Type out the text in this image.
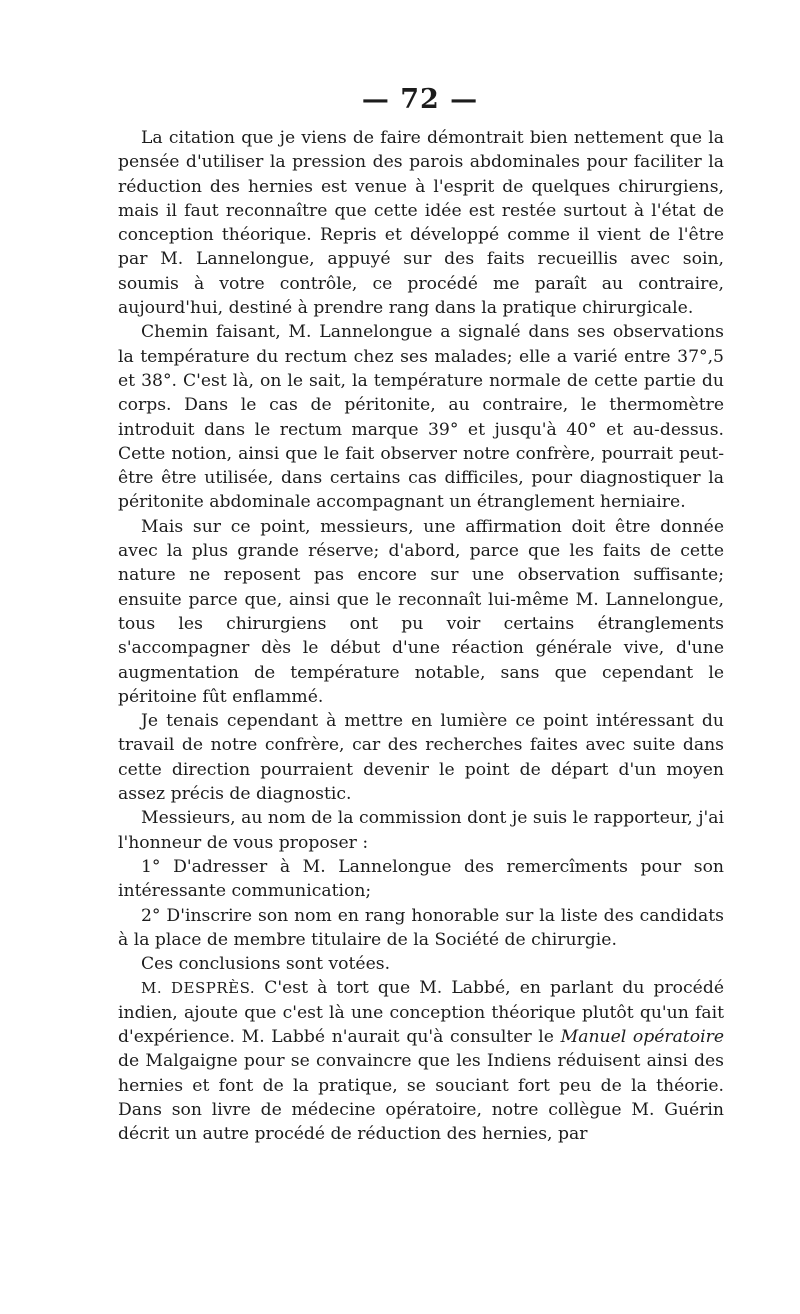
— 72 —

La citation que je viens de faire démontrait bien nettement que la pensée d'utiliser la pression des parois abdominales pour faciliter la réduction des hernies est venue à l'esprit de quelques chirurgiens, mais il faut reconnaître que cette idée est restée surtout à l'état de conception théorique. Repris et développé comme il vient de l'être par M. Lannelongue, appuyé sur des faits recueillis avec soin, soumis à votre contrôle, ce procédé me paraît au contraire, aujourd'hui, destiné à prendre rang dans la pratique chirurgicale.

Chemin faisant, M. Lannelongue a signalé dans ses observations la température du rectum chez ses malades; elle a varié entre 37°,5 et 38°. C'est là, on le sait, la température normale de cette partie du corps. Dans le cas de péritonite, au contraire, le thermomètre introduit dans le rectum marque 39° et jusqu'à 40° et au-dessus. Cette notion, ainsi que le fait observer notre confrère, pourrait peut-être être utilisée, dans certains cas difficiles, pour diagnostiquer la péritonite abdominale accompagnant un étranglement herniaire.

Mais sur ce point, messieurs, une affirmation doit être donnée avec la plus grande réserve; d'abord, parce que les faits de cette nature ne reposent pas encore sur une observation suffisante; ensuite parce que, ainsi que le reconnaît lui-même M. Lannelongue, tous les chirurgiens ont pu voir certains étranglements s'accompagner dès le début d'une réaction générale vive, d'une augmentation de température notable, sans que cependant le péritoine fût enflammé.

Je tenais cependant à mettre en lumière ce point intéressant du travail de notre confrère, car des recherches faites avec suite dans cette direction pourraient devenir le point de départ d'un moyen assez précis de diagnostic.

Messieurs, au nom de la commission dont je suis le rapporteur, j'ai l'honneur de vous proposer :

1° D'adresser à M. Lannelongue des remercîments pour son intéressante communication;

2° D'inscrire son nom en rang honorable sur la liste des candidats à la place de membre titulaire de la Société de chirurgie.

Ces conclusions sont votées.

M. DESPRÈS. C'est à tort que M. Labbé, en parlant du procédé indien, ajoute que c'est là une conception théorique plutôt qu'un fait d'expérience. M. Labbé n'aurait qu'à consulter le Manuel opératoire de Malgaigne pour se convaincre que les Indiens réduisent ainsi des hernies et font de la pratique, se souciant fort peu de la théorie. Dans son livre de médecine opératoire, notre collègue M. Guérin décrit un autre procédé de réduction des hernies, par
